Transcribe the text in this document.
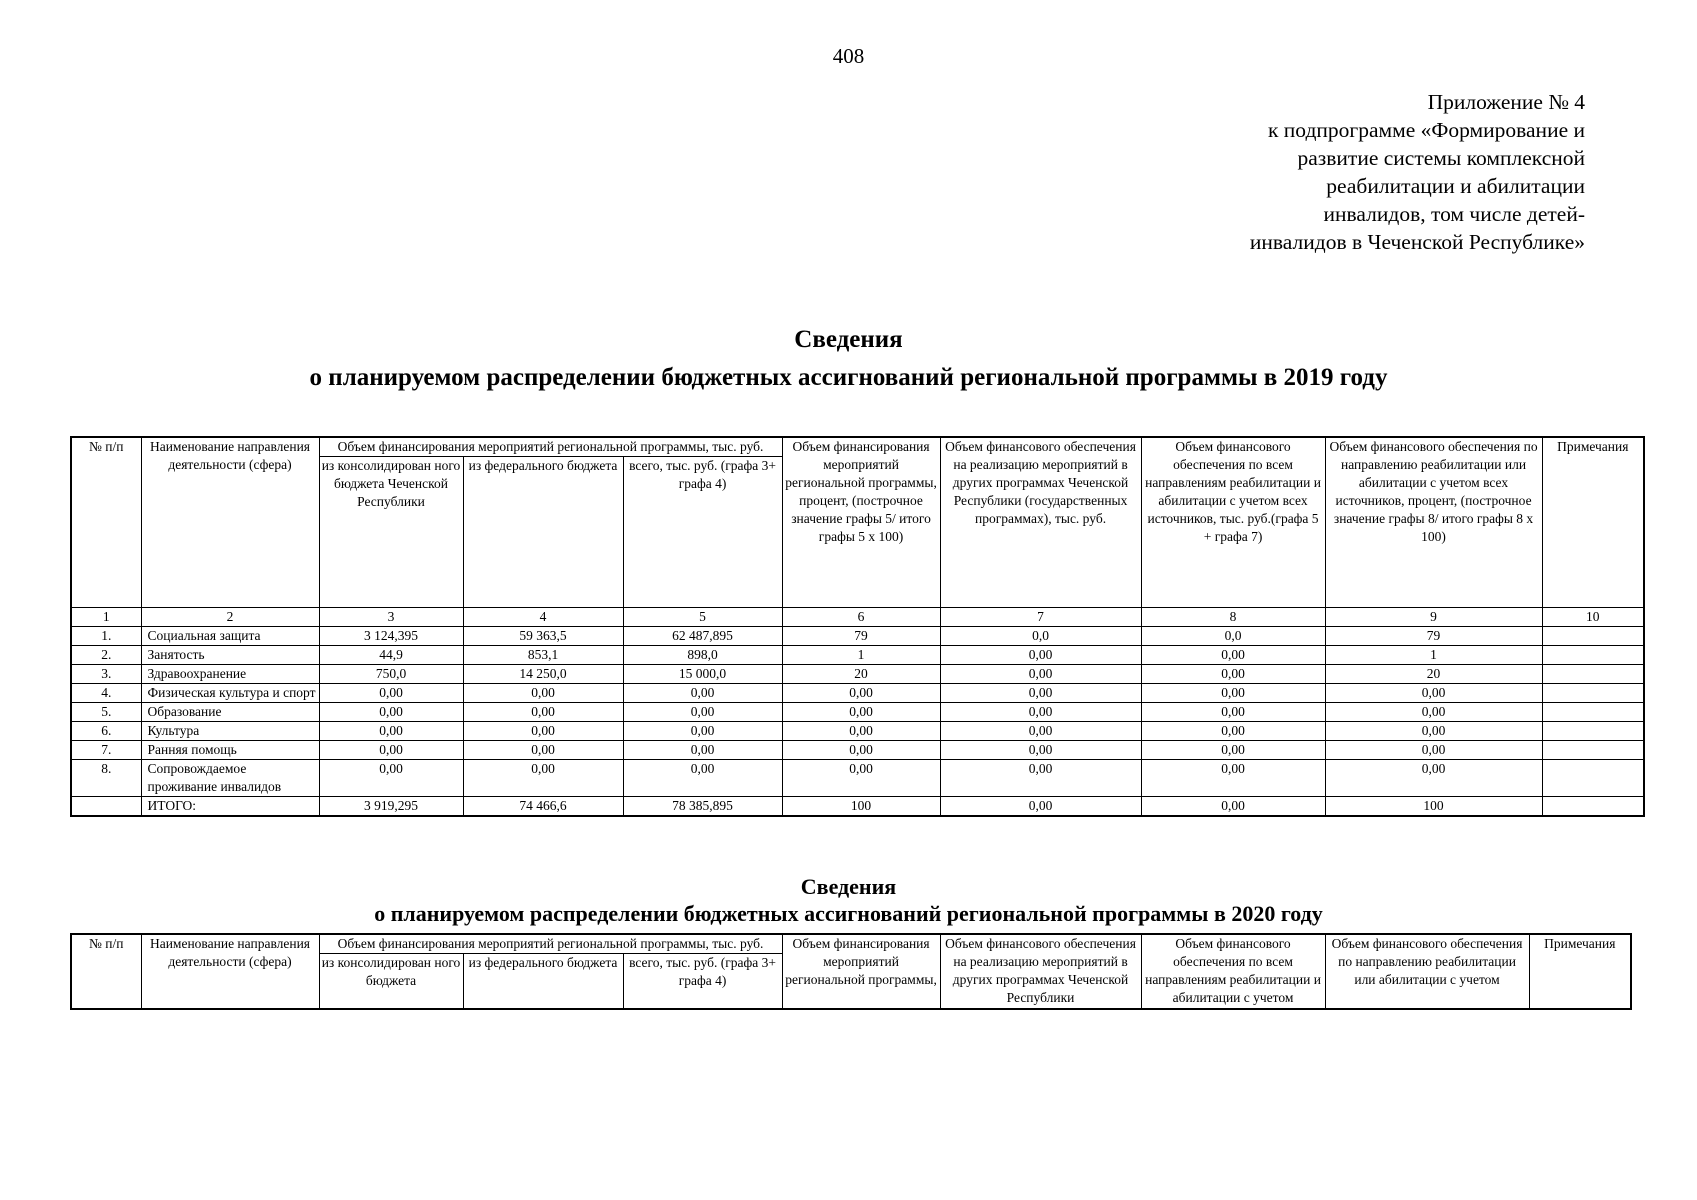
408
Приложение № 4
к подпрограмме «Формирование и
развитие системы комплексной
реабилитации и абилитации
инвалидов, том числе детей-
инвалидов в Чеченской Республике»
Сведения
о планируемом распределении бюджетных ассигнований региональной программы в 2019 году
№ п/п	Наименование направления деятельности (сфера)	Объем финансирования мероприятий региональной программы, тыс. руб.			Объем финансирования мероприятий региональной программы, процент, (построчное значение графы 5/ итого графы 5 х 100)	Объем финансового обеспечения на реализацию мероприятий в других программах Чеченской Республики (государственных программах), тыс. руб.	Объем финансового обеспечения по всем направлениям реабилитации и абилитации с учетом всех источников, тыс. руб.(графа 5 + графа 7)	Объем финансового обеспечения по направлению реабилитации или абилитации с учетом всех источников, процент, (построчное значение графы 8/ итого графы 8 х 100)	Примечания
		из консолидирован ного бюджета Чеченской Республики	из федерального бюджета	всего, тыс. руб. (графа 3+ графа 4)					
1	2	3	4	5	6	7	8	9	10
1.	Социальная защита	3 124,395	59 363,5	62 487,895	79	0,0	0,0	79	
2.	Занятость	44,9	853,1	898,0	1	0,00	0,00	1	
3.	Здравоохранение	750,0	14 250,0	15 000,0	20	0,00	0,00	20	
4.	Физическая культура и спорт	0,00	0,00	0,00	0,00	0,00	0,00	0,00	
5.	Образование	0,00	0,00	0,00	0,00	0,00	0,00	0,00	
6.	Культура	0,00	0,00	0,00	0,00	0,00	0,00	0,00	
7.	Ранняя помощь	0,00	0,00	0,00	0,00	0,00	0,00	0,00	
8.	Сопровождаемое проживание инвалидов	0,00	0,00	0,00	0,00	0,00	0,00	0,00	
	ИТОГО:	3 919,295	74 466,6	78 385,895	100	0,00	0,00	100	
Сведения
о планируемом распределении бюджетных ассигнований региональной программы в 2020 году
№ п/п	Наименование направления деятельности (сфера)	Объем финансирования мероприятий региональной программы, тыс. руб.			Объем финансирования мероприятий региональной программы,	Объем финансового обеспечения на реализацию мероприятий в других программах Чеченской Республики	Объем финансового обеспечения по всем направлениям реабилитации и абилитации с учетом	Объем финансового обеспечения по направлению реабилитации или абилитации с учетом	Примечания
		из консолидирован ного бюджета	из федерального бюджета	всего, тыс. руб. (графа 3+ графа 4)					
